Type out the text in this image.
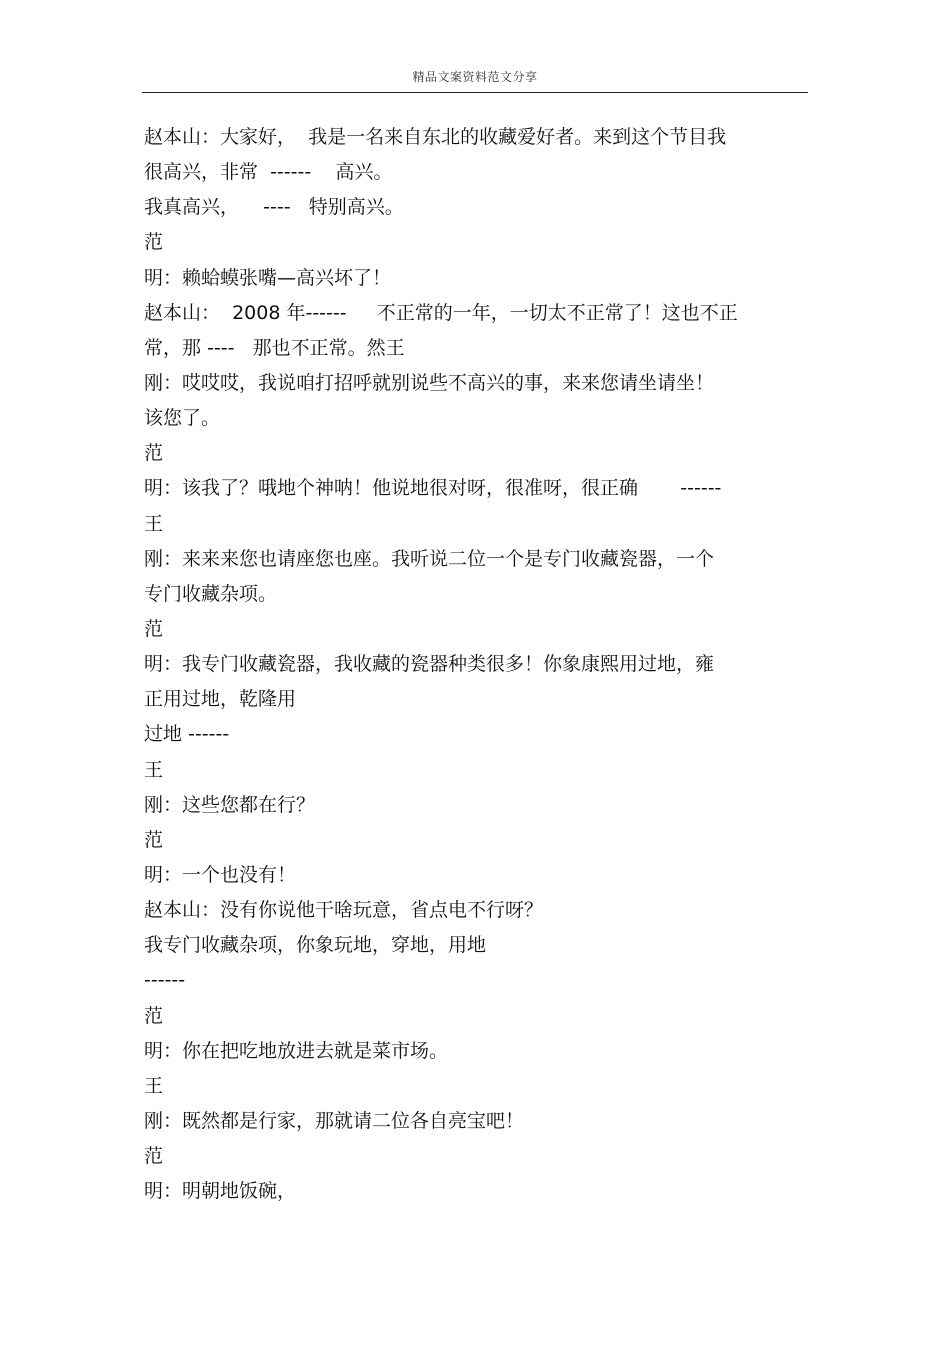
精品文案资料范文分享
赵本山：大家好，  我是一名来自东北的收藏爱好者。来到这个节目我
很高兴，非常  ------    高兴。
我真高兴，    ----   特别高兴。
范
明：赖蛤蟆张嘴—高兴坏了！
赵本山：  2008 年------     不正常的一年，一切太不正常了！这也不正
常，那 ----   那也不正常。然王
刚：哎哎哎，我说咱打招呼就别说些不高兴的事，来来您请坐请坐！
该您了。
范
明：该我了？哦地个神呐！他说地很对呀，很准呀，很正确       ------
王
刚：来来来您也请座您也座。我听说二位一个是专门收藏瓷器，一个
专门收藏杂项。
范
明：我专门收藏瓷器，我收藏的瓷器种类很多！你象康熙用过地，雍
正用过地，乾隆用
过地 ------
王
刚：这些您都在行？
范
明：一个也没有！
赵本山：没有你说他干啥玩意，省点电不行呀？
我专门收藏杂项，你象玩地，穿地，用地
------
范
明：你在把吃地放进去就是菜市场。
王
刚：既然都是行家，那就请二位各自亮宝吧！
范
明：明朝地饭碗，
